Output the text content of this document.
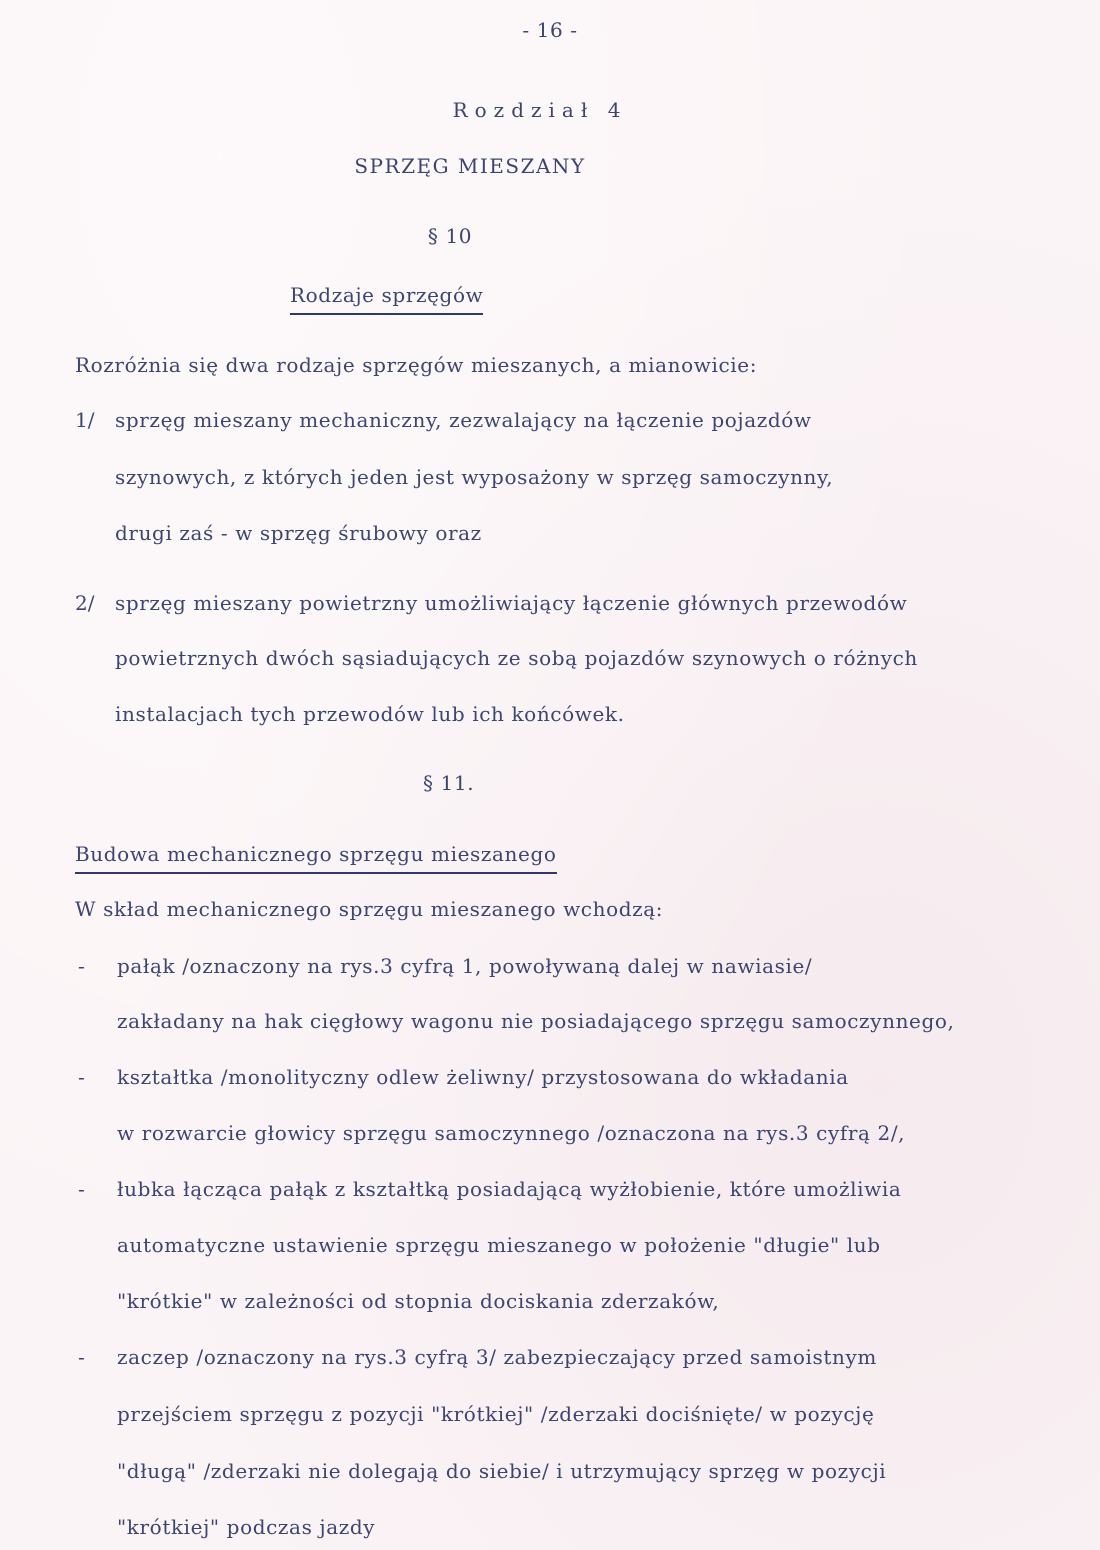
- 16 -
Rozdział 4
SPRZĘG MIESZANY
§ 10
Rodzaje sprzęgów
Rozróżnia się dwa rodzaje sprzęgów mieszanych, a mianowicie:
1/ sprzęg mieszany mechaniczny, zezwalający na łączenie pojazdów
szynowych, z których jeden jest wyposażony w sprzęg samoczynny,
drugi zaś - w sprzęg śrubowy oraz
2/ sprzęg mieszany powietrzny umożliwiający łączenie głównych przewodów
powietrznych dwóch sąsiadujących ze sobą pojazdów szynowych o różnych
instalacjach tych przewodów lub ich końcówek.
§ 11.
Budowa mechanicznego sprzęgu mieszanego
W skład mechanicznego sprzęgu mieszanego wchodzą:
- pałąk /oznaczony na rys.3 cyfrą 1, powoływaną dalej w nawiasie/
zakładany na hak cięgłowy wagonu nie posiadającego sprzęgu samoczynnego,
- kształtka /monolityczny odlew żeliwny/ przystosowana do wkładania
w rozwarcie głowicy sprzęgu samoczynnego /oznaczona na rys.3 cyfrą 2/,
- łubka łącząca pałąk z kształtką posiadającą wyżłobienie, które umożliwia
automatyczne ustawienie sprzęgu mieszanego w położenie "długie" lub
"krótkie" w zależności od stopnia dociskania zderzaków,
- zaczep /oznaczony na rys.3 cyfrą 3/ zabezpieczający przed samoistnym
przejściem sprzęgu z pozycji "krótkiej" /zderzaki dociśnięte/ w pozycję
"długą" /zderzaki nie dolegają do siebie/ i utrzymujący sprzęg w pozycji
"krótkiej" podczas jazdy
